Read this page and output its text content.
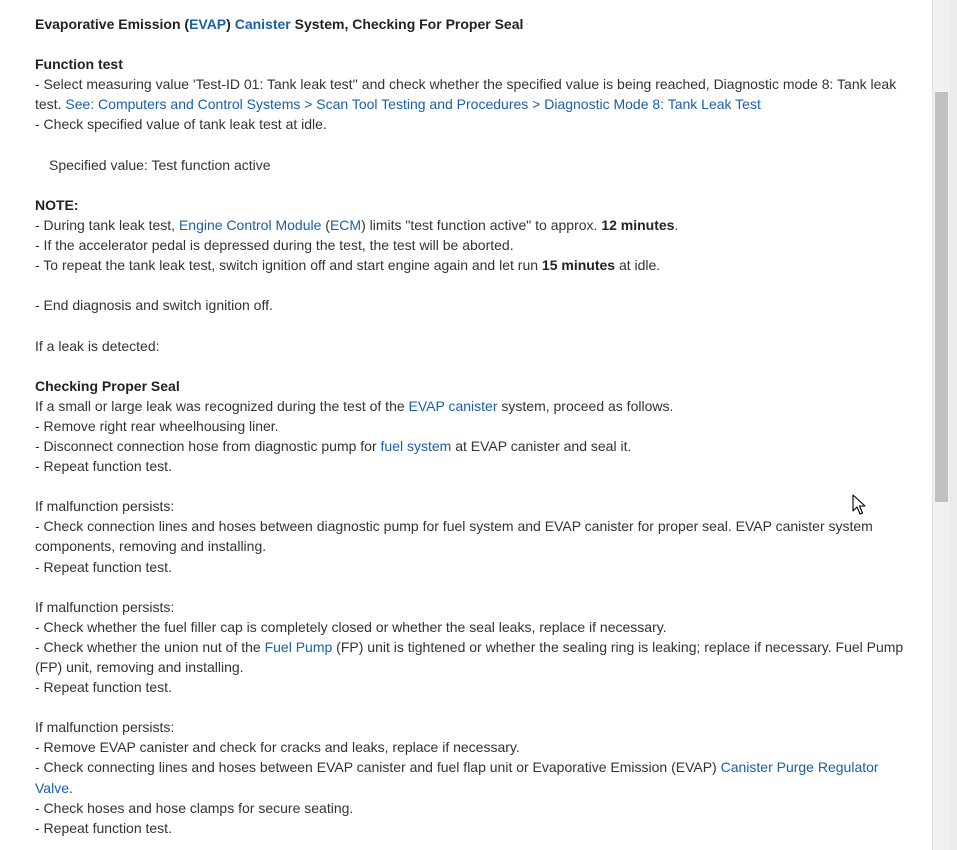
Evaporative Emission (EVAP) Canister System, Checking For Proper Seal
Function test
- Select measuring value 'Test-ID 01: Tank leak test'' and check whether the specified value is being reached, Diagnostic mode 8: Tank leak test. See: Computers and Control Systems > Scan Tool Testing and Procedures > Diagnostic Mode 8: Tank Leak Test
- Check specified value of tank leak test at idle.
Specified value: Test function active
NOTE:
- During tank leak test, Engine Control Module (ECM) limits "test function active" to approx. 12 minutes.
- If the accelerator pedal is depressed during the test, the test will be aborted.
- To repeat the tank leak test, switch ignition off and start engine again and let run 15 minutes at idle.
- End diagnosis and switch ignition off.
If a leak is detected:
Checking Proper Seal
If a small or large leak was recognized during the test of the EVAP canister system, proceed as follows.
- Remove right rear wheelhousing liner.
- Disconnect connection hose from diagnostic pump for fuel system at EVAP canister and seal it.
- Repeat function test.
If malfunction persists:
- Check connection lines and hoses between diagnostic pump for fuel system and EVAP canister for proper seal. EVAP canister system components, removing and installing.
- Repeat function test.
If malfunction persists:
- Check whether the fuel filler cap is completely closed or whether the seal leaks, replace if necessary.
- Check whether the union nut of the Fuel Pump (FP) unit is tightened or whether the sealing ring is leaking; replace if necessary. Fuel Pump (FP) unit, removing and installing.
- Repeat function test.
If malfunction persists:
- Remove EVAP canister and check for cracks and leaks, replace if necessary.
- Check connecting lines and hoses between EVAP canister and fuel flap unit or Evaporative Emission (EVAP) Canister Purge Regulator Valve.
- Check hoses and hose clamps for secure seating.
- Repeat function test.
